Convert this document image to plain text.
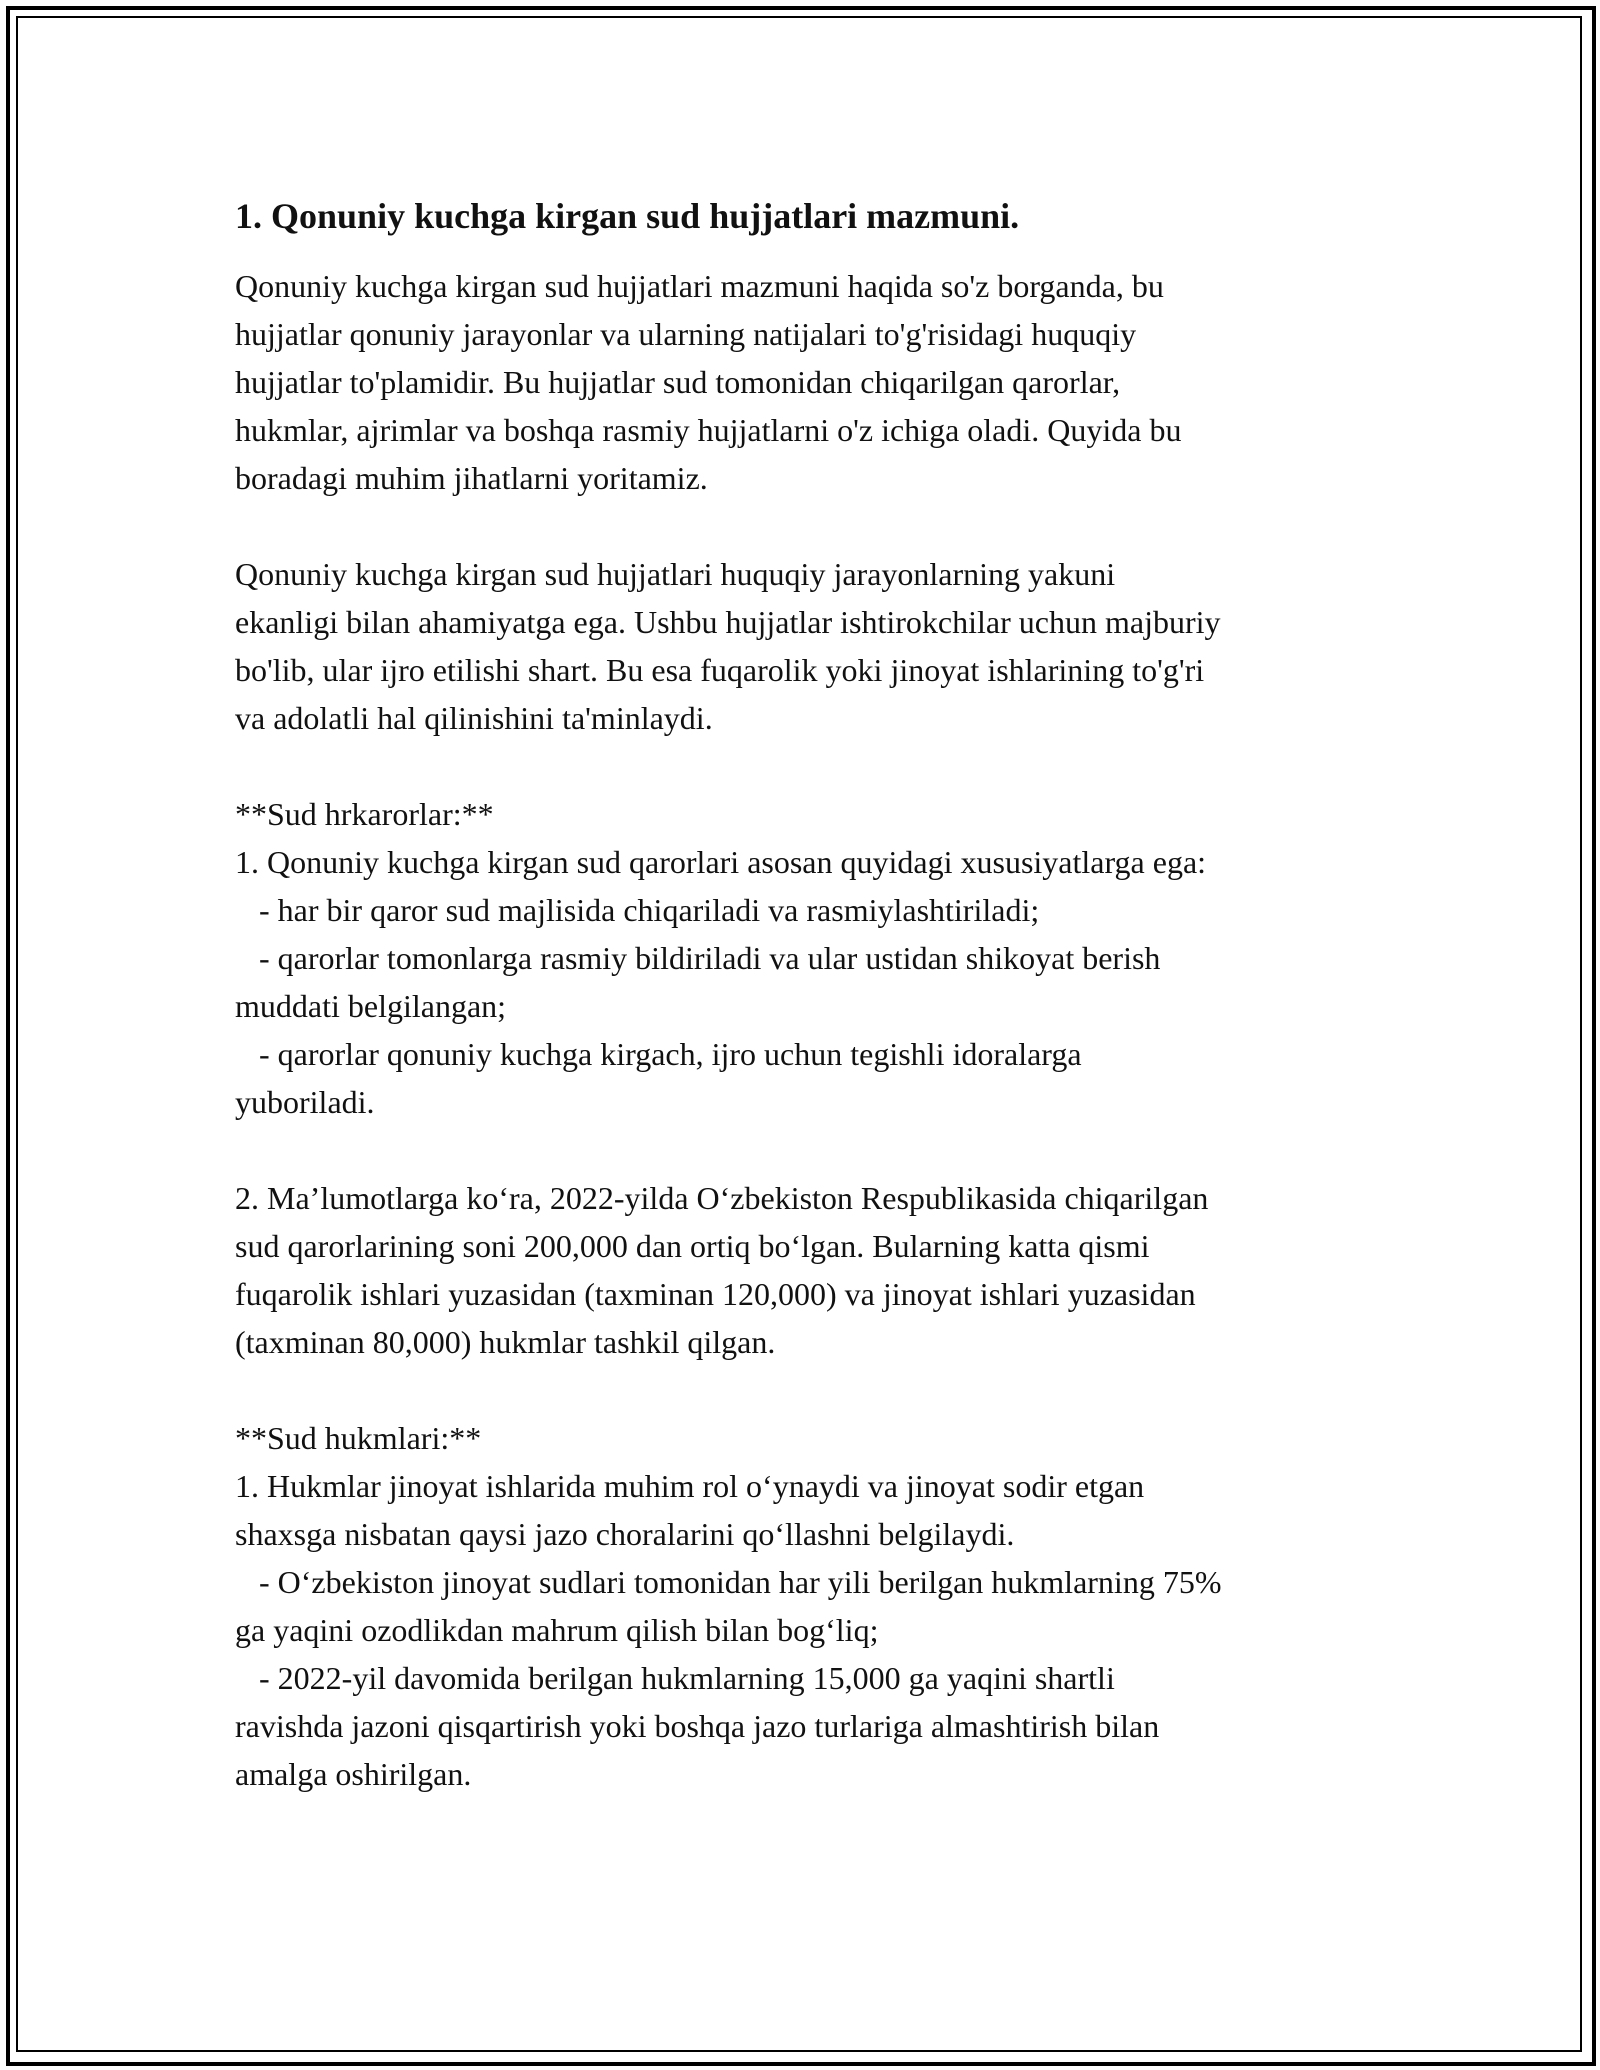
1. Qonuniy kuchga kirgan sud hujjatlari mazmuni.

Qonuniy kuchga kirgan sud hujjatlari mazmuni haqida so'z borganda, bu
hujjatlar qonuniy jarayonlar va ularning natijalari to'g'risidagi huquqiy
hujjatlar to'plamidir. Bu hujjatlar sud tomonidan chiqarilgan qarorlar,
hukmlar, ajrimlar va boshqa rasmiy hujjatlarni o'z ichiga oladi. Quyida bu
boradagi muhim jihatlarni yoritamiz.

Qonuniy kuchga kirgan sud hujjatlari huquqiy jarayonlarning yakuni
ekanligi bilan ahamiyatga ega. Ushbu hujjatlar ishtirokchilar uchun majburiy
bo'lib, ular ijro etilishi shart. Bu esa fuqarolik yoki jinoyat ishlarining to'g'ri
va adolatli hal qilinishini ta'minlaydi.

**Sud hrkarorlar:**
1. Qonuniy kuchga kirgan sud qarorlari asosan quyidagi xususiyatlarga ega:
- har bir qaror sud majlisida chiqariladi va rasmiylashtiriladi;
- qarorlar tomonlarga rasmiy bildiriladi va ular ustidan shikoyat berish
muddati belgilangan;
- qarorlar qonuniy kuchga kirgach, ijro uchun tegishli idoralarga
yuboriladi.

2. Ma’lumotlarga ko‘ra, 2022-yilda O‘zbekiston Respublikasida chiqarilgan
sud qarorlarining soni 200,000 dan ortiq bo‘lgan. Bularning katta qismi
fuqarolik ishlari yuzasidan (taxminan 120,000) va jinoyat ishlari yuzasidan
(taxminan 80,000) hukmlar tashkil qilgan.

**Sud hukmlari:**
1. Hukmlar jinoyat ishlarida muhim rol o‘ynaydi va jinoyat sodir etgan
shaxsga nisbatan qaysi jazo choralarini qo‘llashni belgilaydi.
- O‘zbekiston jinoyat sudlari tomonidan har yili berilgan hukmlarning 75%
ga yaqini ozodlikdan mahrum qilish bilan bog‘liq;
- 2022-yil davomida berilgan hukmlarning 15,000 ga yaqini shartli
ravishda jazoni qisqartirish yoki boshqa jazo turlariga almashtirish bilan
amalga oshirilgan.
